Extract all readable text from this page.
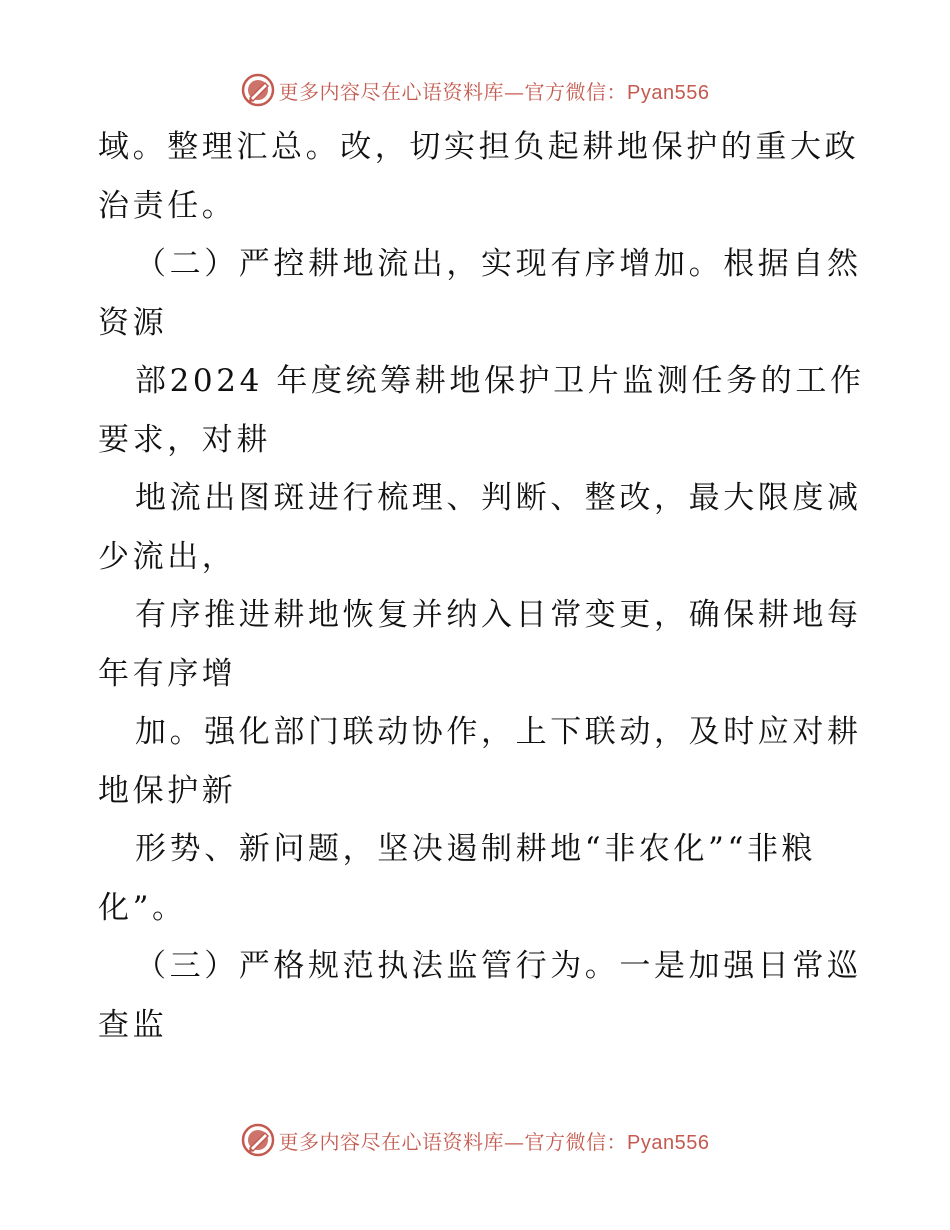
更多内容尽在心语资料库—官方微信：Pyan556
域。整理汇总。改，切实担负起耕地保护的重大政
治责任。
（二）严控耕地流出，实现有序增加。根据自然
资源
部2024 年度统筹耕地保护卫片监测任务的工作
要求，对耕
地流出图斑进行梳理、判断、整改，最大限度减
少流出，
有序推进耕地恢复并纳入日常变更，确保耕地每
年有序增
加。强化部门联动协作，上下联动，及时应对耕
地保护新
形势、新问题，坚决遏制耕地“非农化”“非粮
化”。
（三）严格规范执法监管行为。一是加强日常巡
查监
更多内容尽在心语资料库—官方微信：Pyan556
